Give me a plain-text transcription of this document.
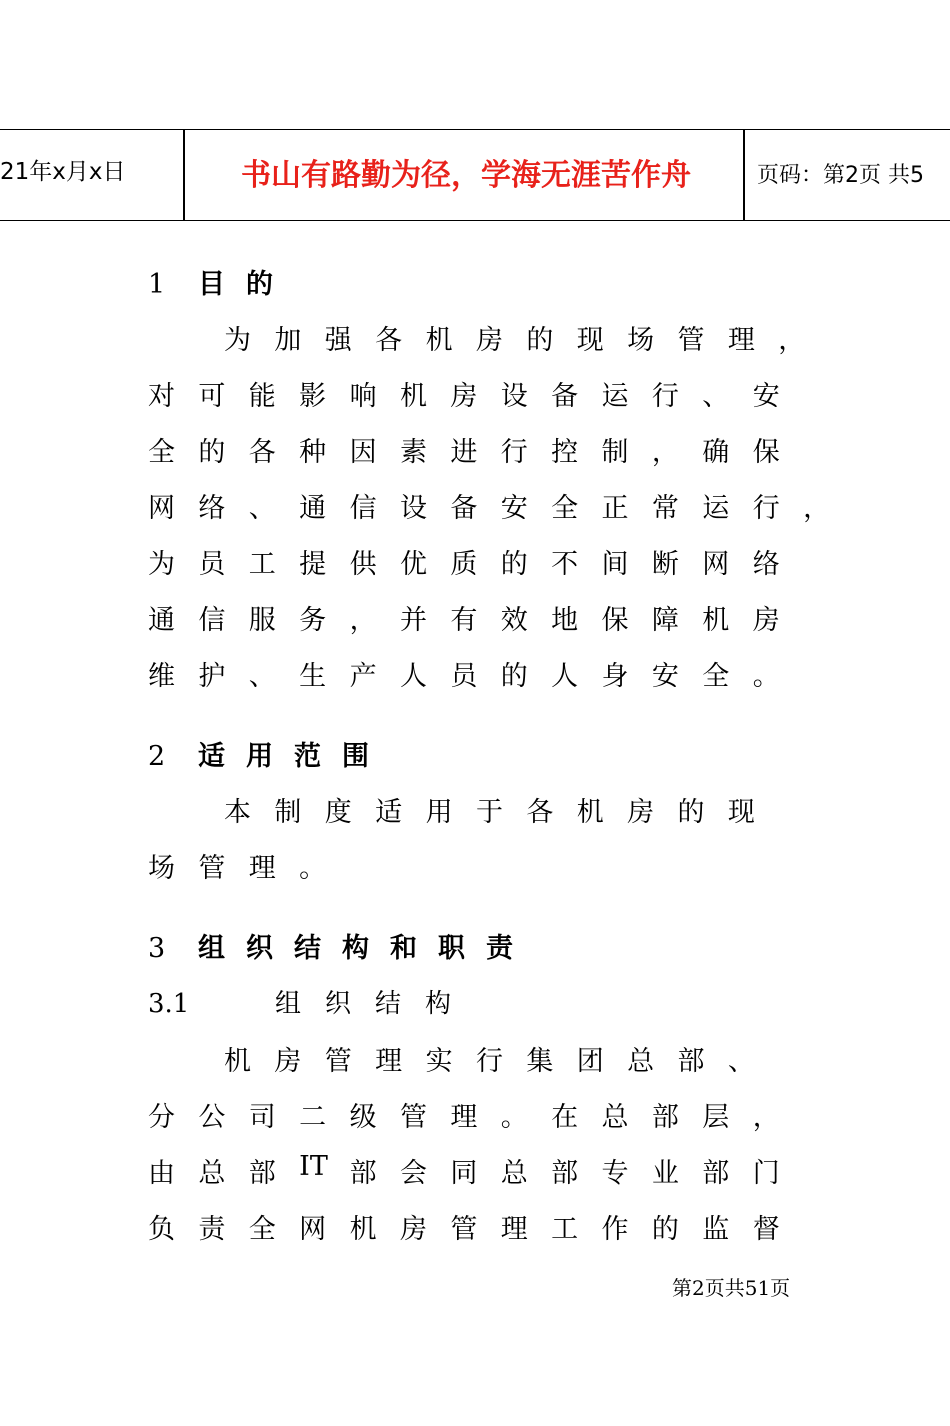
21年x月x日	书山有路勤为径，学海无涯苦作舟	页码：第2页 共5
1 目的
为 加 强 各 机 房 的 现 场 管 理 ，
对 可 能 影 响 机 房 设 备 运 行 、 安
全 的 各 种 因 素 进 行 控 制 ， 确 保
网 络 、 通 信 设 备 安 全 正 常 运 行 ，
为 员 工 提 供 优 质 的 不 间 断 网 络
通 信 服 务 ， 并 有 效 地 保 障 机 房
维 护 、 生 产 人 员 的 人 身 安 全 。
2 适用范围
本 制 度 适 用 于 各 机 房 的 现
场 管 理 。
3 组织结构和职责
3.1	组织结构
机 房 管 理 实 行 集 团 总 部 、
分 公 司 二 级 管 理 。 在 总 部 层 ，
由 总 部 IT 部 会 同 总 部 专 业 部 门
负 责 全 网 机 房 管 理 工 作 的 监 督
第2页共51页
